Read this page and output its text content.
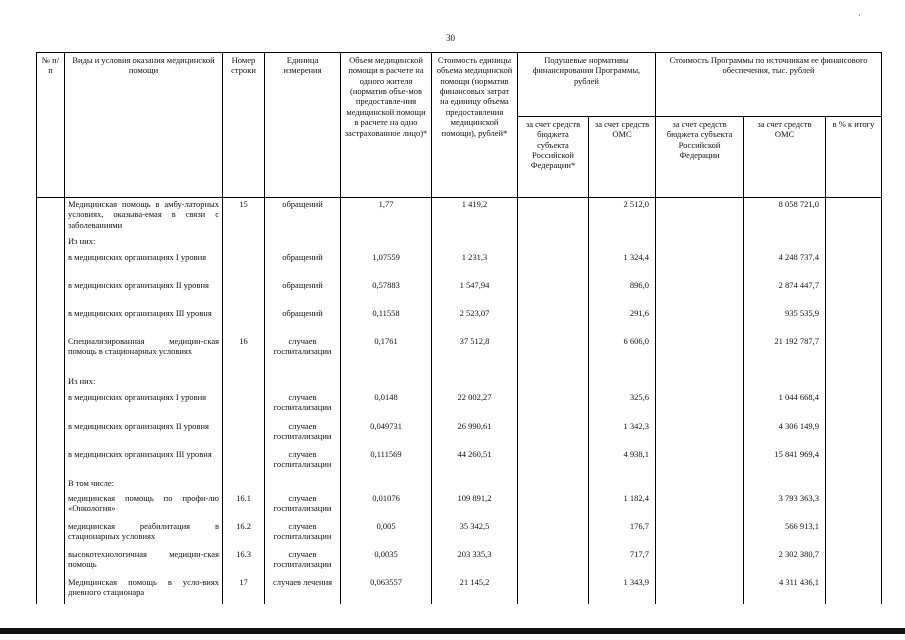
30
·
№ п/п	Виды и условия оказания медицинской помощи	Номер строки	Единица измерения	Объем медицинской помощи в расчете на одного жителя (норматив объе-мов предоставле-ния медицинской помощи в расчете на одно застрахованное лицо)*	Стоимость единицы объема медицинской помощи (норматив финансовых затрат на единицу объема предоставления медицинской помощи), рублей*	Подушевые нормативы финансирования Программы, рублей		Стоимость Программы по источникам ее финансового обеспечения, тыс. рублей		
						за счет средств бюджета субъекта Российской Федерации*	за счет средств ОМС	за счет средств бюджета субъекта Российской Федерации	за счет средств ОМС	в % к итогу
	Медицинская помощь в амбу-латорных условиях, оказыва-емая в связи с заболеваниями	15	обращений	1,77	1 419,2		2 512,0		8 058 721,0	
	Из них:									
	в медицинских организациях I уровня		обращений	1,07559	1 231,3		1 324,4		4 248 737,4	
	в медицинских организациях II уровня		обращений	0,57883	1 547,94		896,0		2 874 447,7	
	в медицинских организациях III уровня		обращений	0,11558	2 523,07		291,6		935 535,9	
	Специализированная медицин-ская помощь в стационарных условиях	16	случаев госпитализации	0,1761	37 512,8		6 606,0		21 192 787,7	
	Из них:									
	в медицинских организациях I уровня		случаев госпитализации	0,0148	22 002,27		325,6		1 044 668,4	
	в медицинских организациях II уровня		случаев госпитализации	0,049731	26 990,61		1 342,3		4 306 149,9	
	в медицинских организациях III уровня		случаев госпитализации	0,111569	44 260,51		4 938,1		15 841 969,4	
	В том числе:									
	медицинская помощь по профи-лю «Онкология»	16.1	случаев госпитализации	0,01076	109 891,2		1 182,4		3 793 363,3	
	медицинская реабилитация в стационарных условиях	16.2	случаев госпитализации	0,005	35 342,5		176,7		566 913,1	
	высокотехнологичная медицин-ская помощь	16.3	случаев госпитализации	0,0035	203 335,3		717,7		2 302 380,7	
	Медицинская помощь в усло-виях дневного стационара	17	случаев лечения	0,063557	21 145,2		1 343,9		4 311 436,1	
